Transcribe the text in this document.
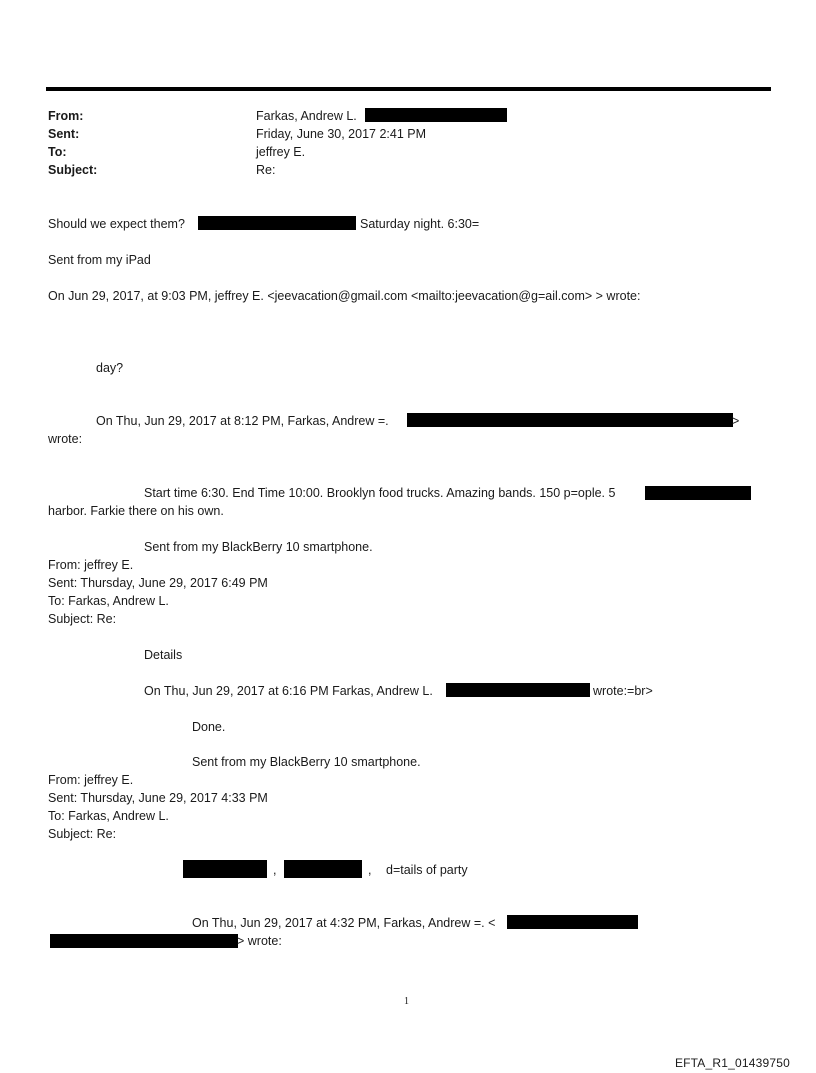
From:	Farkas, Andrew L.
Sent:	Friday, June 30, 2017 2:41 PM
To:	jeffrey E.
Subject:	Re:
Should we expect them?	Saturday night. 6:30=
Sent from my iPad
On Jun 29, 2017, at 9:03 PM, jeffrey E. <jeevacation@gmail.com <mailto:jeevacation@g=ail.com> > wrote:
day?
On Thu, Jun 29, 2017 at 8:12 PM, Farkas, Andrew =.	>
wrote:
Start time 6:30. End Time 10:00. Brooklyn food trucks. Amazing bands. 150 p=ople. 5
harbor. Farkie there on his own.
Sent from my BlackBerry 10 smartphone.
From: jeffrey E.
Sent: Thursday, June 29, 2017 6:49 PM
To: Farkas, Andrew L.
Subject: Re:
Details
On Thu, Jun 29, 2017 at 6:16 PM Farkas, Andrew L.	wrote:=br>
Done.
Sent from my BlackBerry 10 smartphone.
From: jeffrey E.
Sent: Thursday, June 29, 2017 4:33 PM
To: Farkas, Andrew L.
Subject: Re:
,	, d=tails of party
On Thu, Jun 29, 2017 at 4:32 PM, Farkas, Andrew =. <
> wrote:
1
EFTA_R1_01439750
